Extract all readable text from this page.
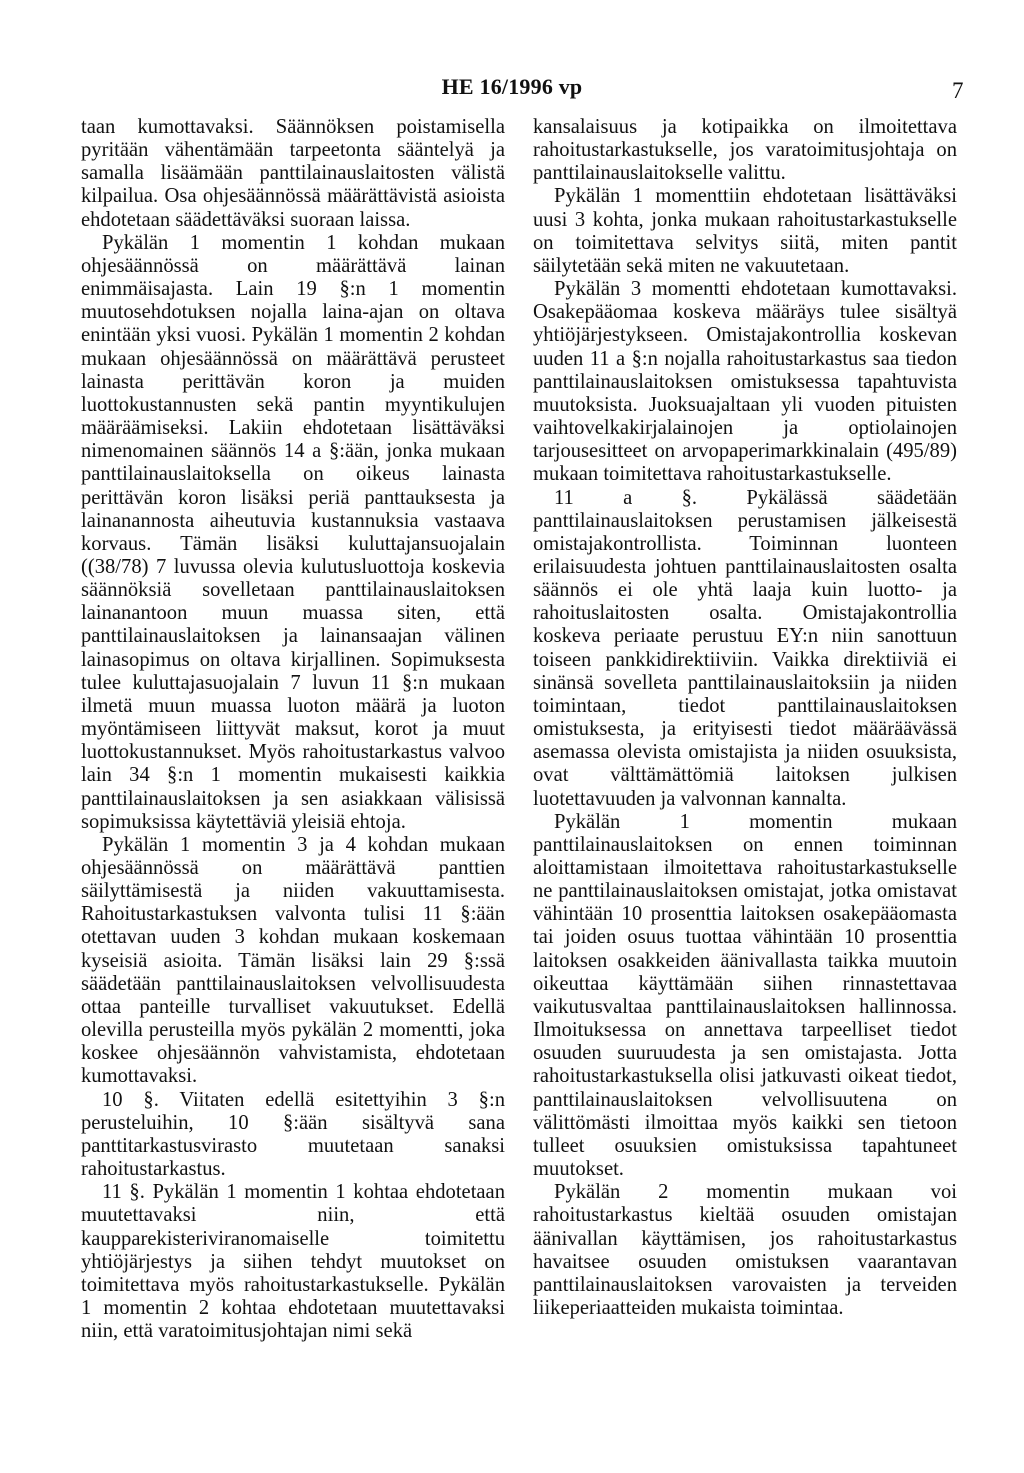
HE 16/1996 vp	7

taan kumottavaksi. Säännöksen poistamisella pyritään vähentämään tarpeetonta sääntelyä ja samalla lisäämään panttilainauslaitosten välistä kilpailua. Osa ohjesäännössä määrättävistä asioista ehdotetaan säädettäväksi suoraan laissa.

Pykälän 1 momentin 1 kohdan mukaan ohjesäännössä on määrättävä lainan enimmäisajasta. Lain 19 §:n 1 momentin muutosehdotuksen nojalla laina-ajan on oltava enintään yksi vuosi. Pykälän 1 momentin 2 kohdan mukaan ohjesäännössä on määrättävä perusteet lainasta perittävän koron ja muiden luottokustannusten sekä pantin myyntikulujen määräämiseksi. Lakiin ehdotetaan lisättäväksi nimenomainen säännös 14 a §:ään, jonka mukaan panttilainauslaitoksella on oikeus lainasta perittävän koron lisäksi periä panttauksesta ja lainanannosta aiheutuvia kustannuksia vastaava korvaus. Tämän lisäksi kuluttajansuojalain ((38/78) 7 luvussa olevia kulutusluottoja koskevia säännöksiä sovelletaan panttilainauslaitoksen lainanantoon muun muassa siten, että panttilainauslaitoksen ja lainansaajan välinen lainasopimus on oltava kirjallinen. Sopimuksesta tulee kuluttajasuojalain 7 luvun 11 §:n mukaan ilmetä muun muassa luoton määrä ja luoton myöntämiseen liittyvät maksut, korot ja muut luottokustannukset. Myös rahoitustarkastus valvoo lain 34 §:n 1 momentin mukaisesti kaikkia panttilainauslaitoksen ja sen asiakkaan välisissä sopimuksissa käytettäviä yleisiä ehtoja.

Pykälän 1 momentin 3 ja 4 kohdan mukaan ohjesäännössä on määrättävä panttien säilyttämisestä ja niiden vakuuttamisesta. Rahoitustarkastuksen valvonta tulisi 11 §:ään otettavan uuden 3 kohdan mukaan koskemaan kyseisiä asioita. Tämän lisäksi lain 29 §:ssä säädetään panttilainauslaitoksen velvollisuudesta ottaa panteille turvalliset vakuutukset. Edellä olevilla perusteilla myös pykälän 2 momentti, joka koskee ohjesäännön vahvistamista, ehdotetaan kumottavaksi.

10 §. Viitaten edellä esitettyihin 3 §:n perusteluihin, 10 §:ään sisältyvä sana panttitarkastusvirasto muutetaan sanaksi rahoitustarkastus.

11 §. Pykälän 1 momentin 1 kohtaa ehdotetaan muutettavaksi niin, että kaupparekisteriviranomaiselle toimitettu yhtiöjärjestys ja siihen tehdyt muutokset on toimitettava myös rahoitustarkastukselle. Pykälän 1 momentin 2 kohtaa ehdotetaan muutettavaksi niin, että varatoimitusjohtajan nimi sekä

kansalaisuus ja kotipaikka on ilmoitettava rahoitustarkastukselle, jos varatoimitusjohtaja on panttilainauslaitokselle valittu.

Pykälän 1 momenttiin ehdotetaan lisättäväksi uusi 3 kohta, jonka mukaan rahoitustarkastukselle on toimitettava selvitys siitä, miten pantit säilytetään sekä miten ne vakuutetaan.

Pykälän 3 momentti ehdotetaan kumottavaksi. Osakepääomaa koskeva määräys tulee sisältyä yhtiöjärjestykseen. Omistajakontrollia koskevan uuden 11 a §:n nojalla rahoitustarkastus saa tiedon panttilainauslaitoksen omistuksessa tapahtuvista muutoksista. Juoksuajaltaan yli vuoden pituisten vaihtovelkakirjalainojen ja optiolainojen tarjousesitteet on arvopaperimarkkinalain (495/89) mukaan toimitettava rahoitustarkastukselle.

11 a §. Pykälässä säädetään panttilainauslaitoksen perustamisen jälkeisestä omistajakontrollista. Toiminnan luonteen erilaisuudesta johtuen panttilainauslaitosten osalta säännös ei ole yhtä laaja kuin luotto- ja rahoituslaitosten osalta. Omistajakontrollia koskeva periaate perustuu EY:n niin sanottuun toiseen pankkidirektiiviin. Vaikka direktiiviä ei sinänsä sovelleta panttilainauslaitoksiin ja niiden toimintaan, tiedot panttilainauslaitoksen omistuksesta, ja erityisesti tiedot määräävässä asemassa olevista omistajista ja niiden osuuksista, ovat välttämättömiä laitoksen julkisen luotettavuuden ja valvonnan kannalta.

Pykälän 1 momentin mukaan panttilainauslaitoksen on ennen toiminnan aloittamistaan ilmoitettava rahoitustarkastukselle ne panttilainauslaitoksen omistajat, jotka omistavat vähintään 10 prosenttia laitoksen osakepääomasta tai joiden osuus tuottaa vähintään 10 prosenttia laitoksen osakkeiden äänivallasta taikka muutoin oikeuttaa käyttämään siihen rinnastettavaa vaikutusvaltaa panttilainauslaitoksen hallinnossa. Ilmoituksessa on annettava tarpeelliset tiedot osuuden suuruudesta ja sen omistajasta. Jotta rahoitustarkastuksella olisi jatkuvasti oikeat tiedot, panttilainauslaitoksen velvollisuutena on välittömästi ilmoittaa myös kaikki sen tietoon tulleet osuuksien omistuksissa tapahtuneet muutokset.

Pykälän 2 momentin mukaan voi rahoitustarkastus kieltää osuuden omistajan äänivallan käyttämisen, jos rahoitustarkastus havaitsee osuuden omistuksen vaarantavan panttilainauslaitoksen varovaisten ja terveiden liikeperiaatteiden mukaista toimintaa.
